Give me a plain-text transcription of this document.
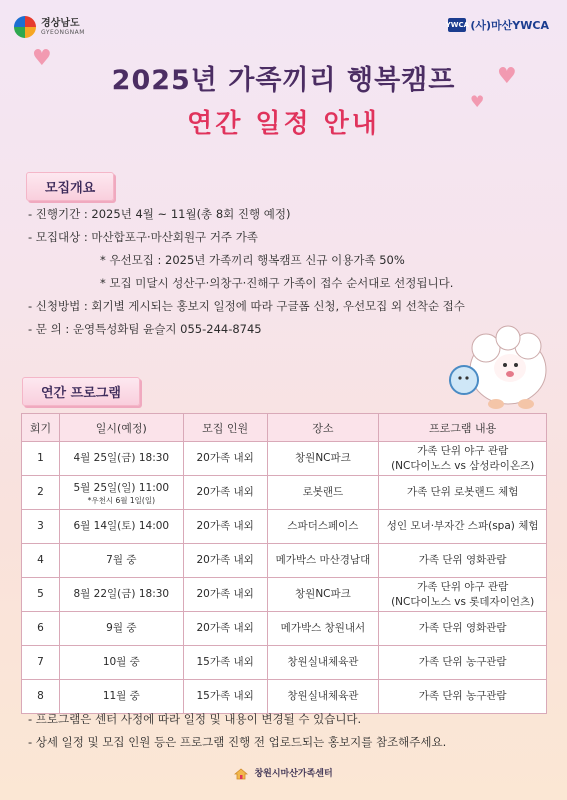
경상남도
GYEONGNAM
YWCA (사)마산YWCA
♥
♥
♥
2025년 가족끼리 행복캠프
연간 일정 안내
모집개요
- 진행기간 : 2025년 4월 ~ 11월(총 8회 진행 예정)
- 모집대상 : 마산합포구·마산회원구 거주 가족
* 우선모집 : 2025년 가족끼리 행복캠프 신규 이용가족 50%
* 모집 미달시 성산구·의창구·진해구 가족이 접수 순서대로 선정됩니다.
- 신청방법 : 회기별 게시되는 홍보지 일정에 따라 구글폼 신청, 우선모집 외 선착순 접수
- 문 의 : 운영특성화팀 윤슬지 055-244-8745
연간 프로그램
회기	일시(예정)	모집 인원	장소	프로그램 내용
1	4월 25일(금) 18:30	20가족 내외	창원NC파크	가족 단위 야구 관람
(NC다이노스 vs 삼성라이온즈)

2	5월 25일(일) 11:00
*우천시 6월 1일(일)	20가족 내외	로봇랜드	가족 단위 로봇랜드 체험
3	6월 14일(토) 14:00	20가족 내외	스파더스페이스	성인 모녀·부자간 스파(spa) 체험
4	7월 중	20가족 내외	메가박스 마산경남대	가족 단위 영화관람
5	8월 22일(금) 18:30	20가족 내외	창원NC파크	가족 단위 야구 관람
(NC다이노스 vs 롯데자이언츠)

6	9월 중	20가족 내외	메가박스 창원내서	가족 단위 영화관람
7	10월 중	15가족 내외	창원실내체육관	가족 단위 농구관람
8	11월 중	15가족 내외	창원실내체육관	가족 단위 농구관람
- 프로그램은 센터 사정에 따라 일정 및 내용이 변경될 수 있습니다.
- 상세 일정 및 모집 인원 등은 프로그램 진행 전 업로드되는 홍보지를 참조해주세요.
창원시마산가족센터
